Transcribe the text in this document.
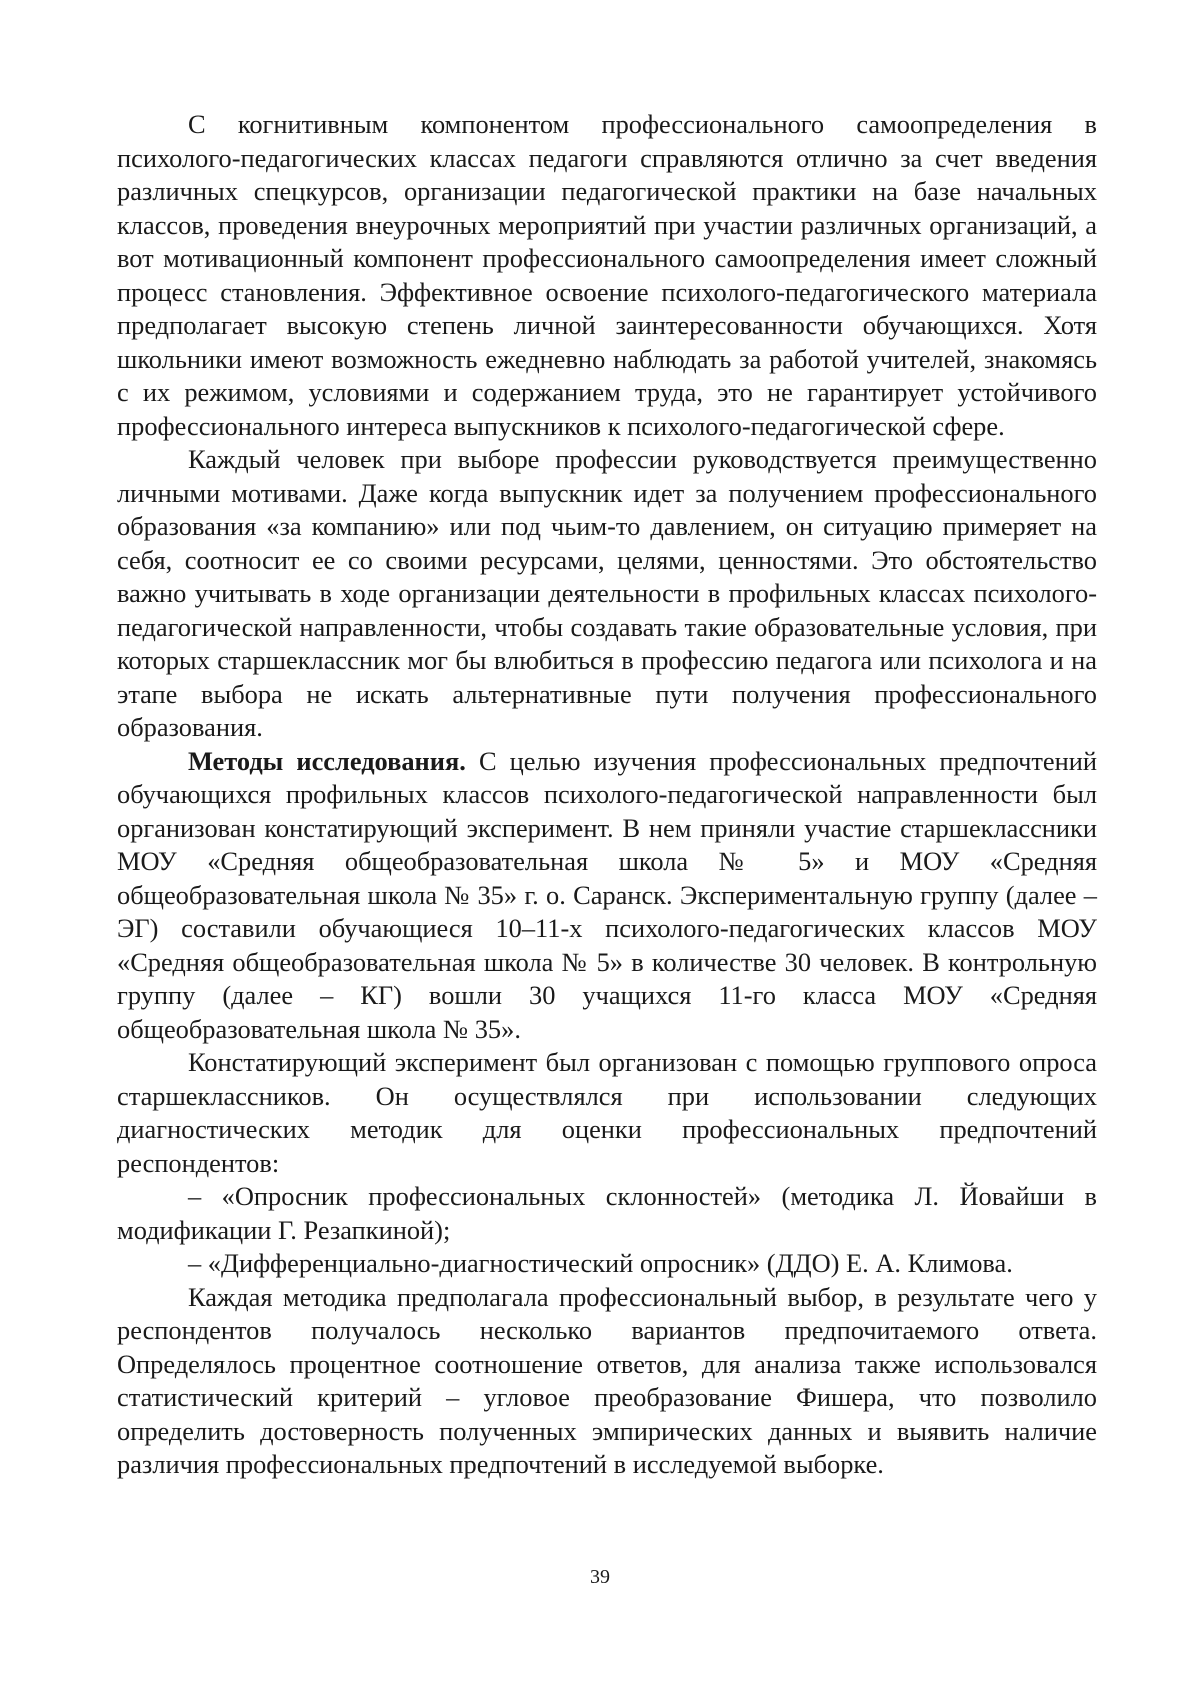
С когнитивным компонентом профессионального самоопределения в психолого-педагогических классах педагоги справляются отлично за счет введения различных спецкурсов, организации педагогической практики на базе начальных классов, проведения внеурочных мероприятий при участии различных организаций, а вот мотивационный компонент профессионального самоопределения имеет сложный процесс становления. Эффективное освоение психолого-педагогического материала предполагает высокую степень личной заинтересованности обучающихся. Хотя школьники имеют возможность ежедневно наблюдать за работой учителей, знакомясь с их режимом, условиями и содержанием труда, это не гарантирует устойчивого профессионального интереса выпускников к психолого-педагогической сфере.

Каждый человек при выборе профессии руководствуется преимущественно личными мотивами. Даже когда выпускник идет за получением профессионального образования «за компанию» или под чьим-то давлением, он ситуацию примеряет на себя, соотносит ее со своими ресурсами, целями, ценностями. Это обстоятельство важно учитывать в ходе организации деятельности в профильных классах психолого-педагогической направленности, чтобы создавать такие образовательные условия, при которых старшеклассник мог бы влюбиться в профессию педагога или психолога и на этапе выбора не искать альтернативные пути получения профессионального образования.

Методы исследования. С целью изучения профессиональных предпочтений обучающихся профильных классов психолого-педагогической направленности был организован констатирующий эксперимент. В нем приняли участие старшеклассники МОУ «Средняя общеобразовательная школа № 5» и МОУ «Средняя общеобразовательная школа № 35» г. о. Саранск. Экспериментальную группу (далее – ЭГ) составили обучающиеся 10–11-х психолого-педагогических классов МОУ «Средняя общеобразовательная школа № 5» в количестве 30 человек. В контрольную группу (далее – КГ) вошли 30 учащихся 11-го класса МОУ «Средняя общеобразовательная школа № 35».

Констатирующий эксперимент был организован с помощью группового опроса старшеклассников. Он осуществлялся при использовании следующих диагностических методик для оценки профессиональных предпочтений респондентов:

– «Опросник профессиональных склонностей» (методика Л. Йовайши в модификации Г. Резапкиной);

– «Дифференциально-диагностический опросник» (ДДО) Е. А. Климова.

Каждая методика предполагала профессиональный выбор, в результате чего у респондентов получалось несколько вариантов предпочитаемого ответа. Определялось процентное соотношение ответов, для анализа также использовался статистический критерий – угловое преобразование Фишера, что позволило определить достоверность полученных эмпирических данных и выявить наличие различия профессиональных предпочтений в исследуемой выборке.

39
